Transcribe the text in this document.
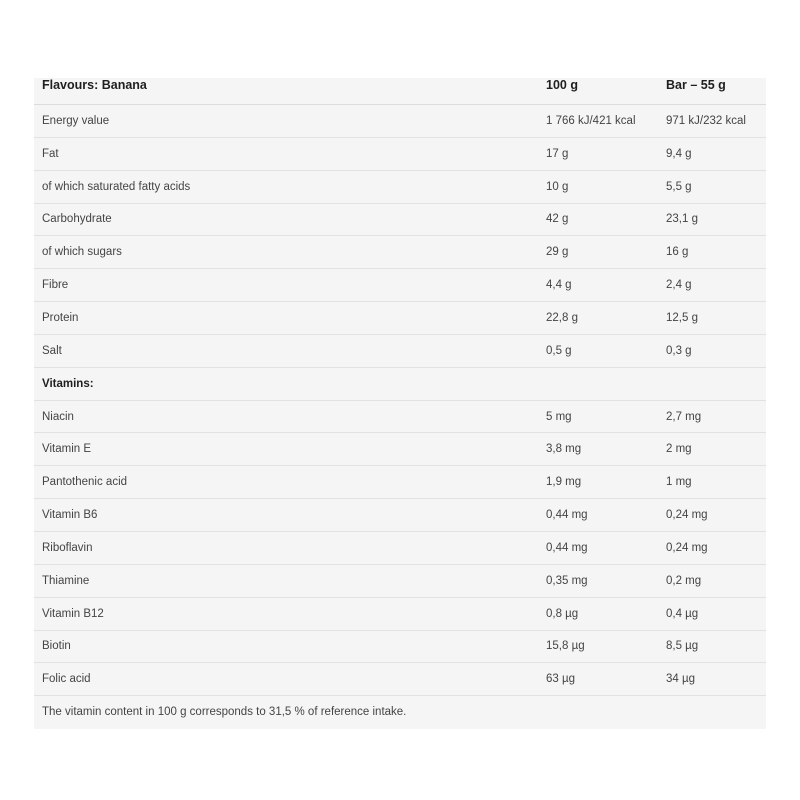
Flavours: Banana	100 g	Bar – 55 g
Energy value	1 766 kJ/421 kcal	971 kJ/232 kcal
Fat	17 g	9,4 g
of which saturated fatty acids	10 g	5,5 g
Carbohydrate	42 g	23,1 g
of which sugars	29 g	16 g
Fibre	4,4 g	2,4 g
Protein	22,8 g	12,5 g
Salt	0,5 g	0,3 g
Vitamins:		
Niacin	5 mg	2,7 mg
Vitamin E	3,8 mg	2 mg
Pantothenic acid	1,9 mg	1 mg
Vitamin B6	0,44 mg	0,24 mg
Riboflavin	0,44 mg	0,24 mg
Thiamine	0,35 mg	0,2 mg
Vitamin B12	0,8 µg	0,4 µg
Biotin	15,8 µg	8,5 µg
Folic acid	63 µg	34 µg
The vitamin content in 100 g corresponds to 31,5 % of reference intake.		
